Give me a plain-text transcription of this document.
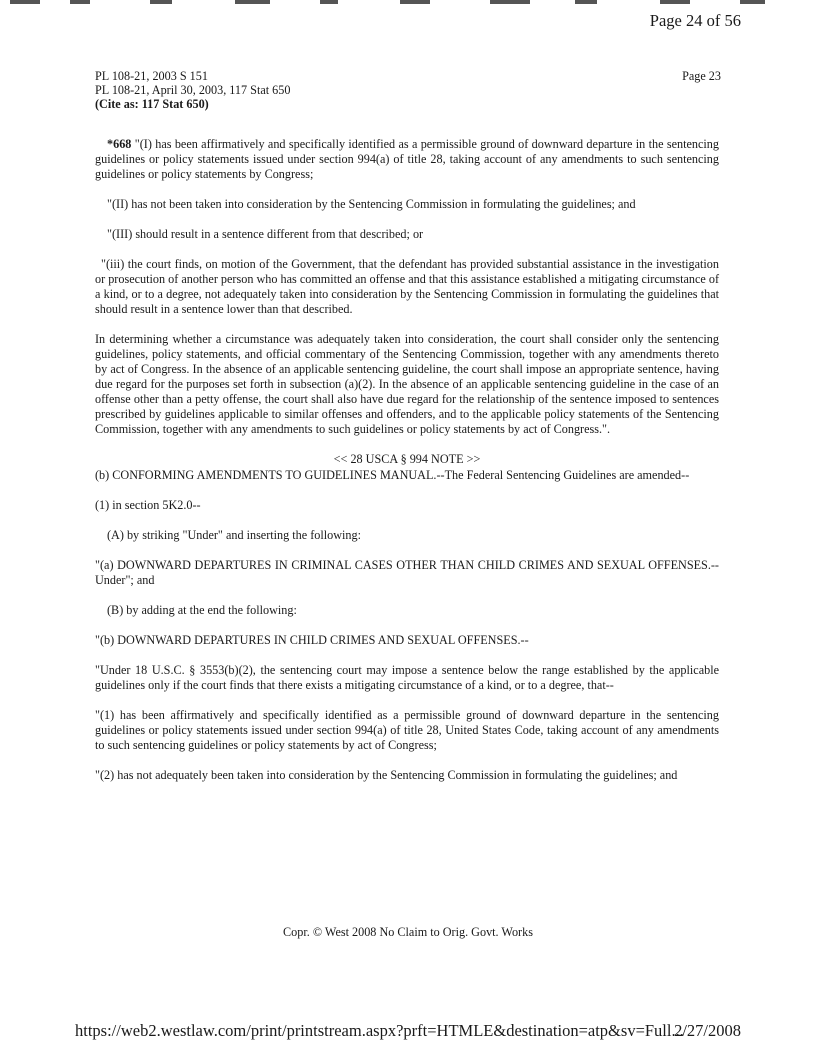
Page 24 of 56
PL 108-21, 2003 S 151
PL 108-21, April 30, 2003, 117 Stat 650
(Cite as: 117 Stat 650)
Page 23

*668 "(I) has been affirmatively and specifically identified as a permissible ground of downward departure in the sentencing guidelines or policy statements issued under section 994(a) of title 28, taking account of any amendments to such sentencing guidelines or policy statements by Congress;

"(II) has not been taken into consideration by the Sentencing Commission in formulating the guidelines; and

"(III) should result in a sentence different from that described; or

"(iii) the court finds, on motion of the Government, that the defendant has provided substantial assistance in the investigation or prosecution of another person who has committed an offense and that this assistance established a mitigating circumstance of a kind, or to a degree, not adequately taken into consideration by the Sentencing Commission in formulating the guidelines that should result in a sentence lower than that described.

In determining whether a circumstance was adequately taken into consideration, the court shall consider only the sentencing guidelines, policy statements, and official commentary of the Sentencing Commission, together with any amendments thereto by act of Congress. In the absence of an applicable sentencing guideline, the court shall impose an appropriate sentence, having due regard for the purposes set forth in subsection (a)(2). In the absence of an applicable sentencing guideline in the case of an offense other than a petty offense, the court shall also have due regard for the relationship of the sentence imposed to sentences prescribed by guidelines applicable to similar offenses and offenders, and to the applicable policy statements of the Sentencing Commission, together with any amendments to such guidelines or policy statements by act of Congress.".

<< 28 USCA § 994 NOTE >>

(b) CONFORMING AMENDMENTS TO GUIDELINES MANUAL.--The Federal Sentencing Guidelines are amended--

(1) in section 5K2.0--

(A) by striking "Under" and inserting the following:

"(a) DOWNWARD DEPARTURES IN CRIMINAL CASES OTHER THAN CHILD CRIMES AND SEXUAL OFFENSES.--Under"; and

(B) by adding at the end the following:

"(b) DOWNWARD DEPARTURES IN CHILD CRIMES AND SEXUAL OFFENSES.--

"Under 18 U.S.C. § 3553(b)(2), the sentencing court may impose a sentence below the range established by the applicable guidelines only if the court finds that there exists a mitigating circumstance of a kind, or to a degree, that--

"(1) has been affirmatively and specifically identified as a permissible ground of downward departure in the sentencing guidelines or policy statements issued under section 994(a) of title 28, United States Code, taking account of any amendments to such sentencing guidelines or policy statements by act of Congress;

"(2) has not adequately been taken into consideration by the Sentencing Commission in formulating the guidelines; and

Copr. © West 2008 No Claim to Orig. Govt. Works
https://web2.westlaw.com/print/printstream.aspx?prft=HTMLE&destination=atp&sv=Full...
2/27/2008
